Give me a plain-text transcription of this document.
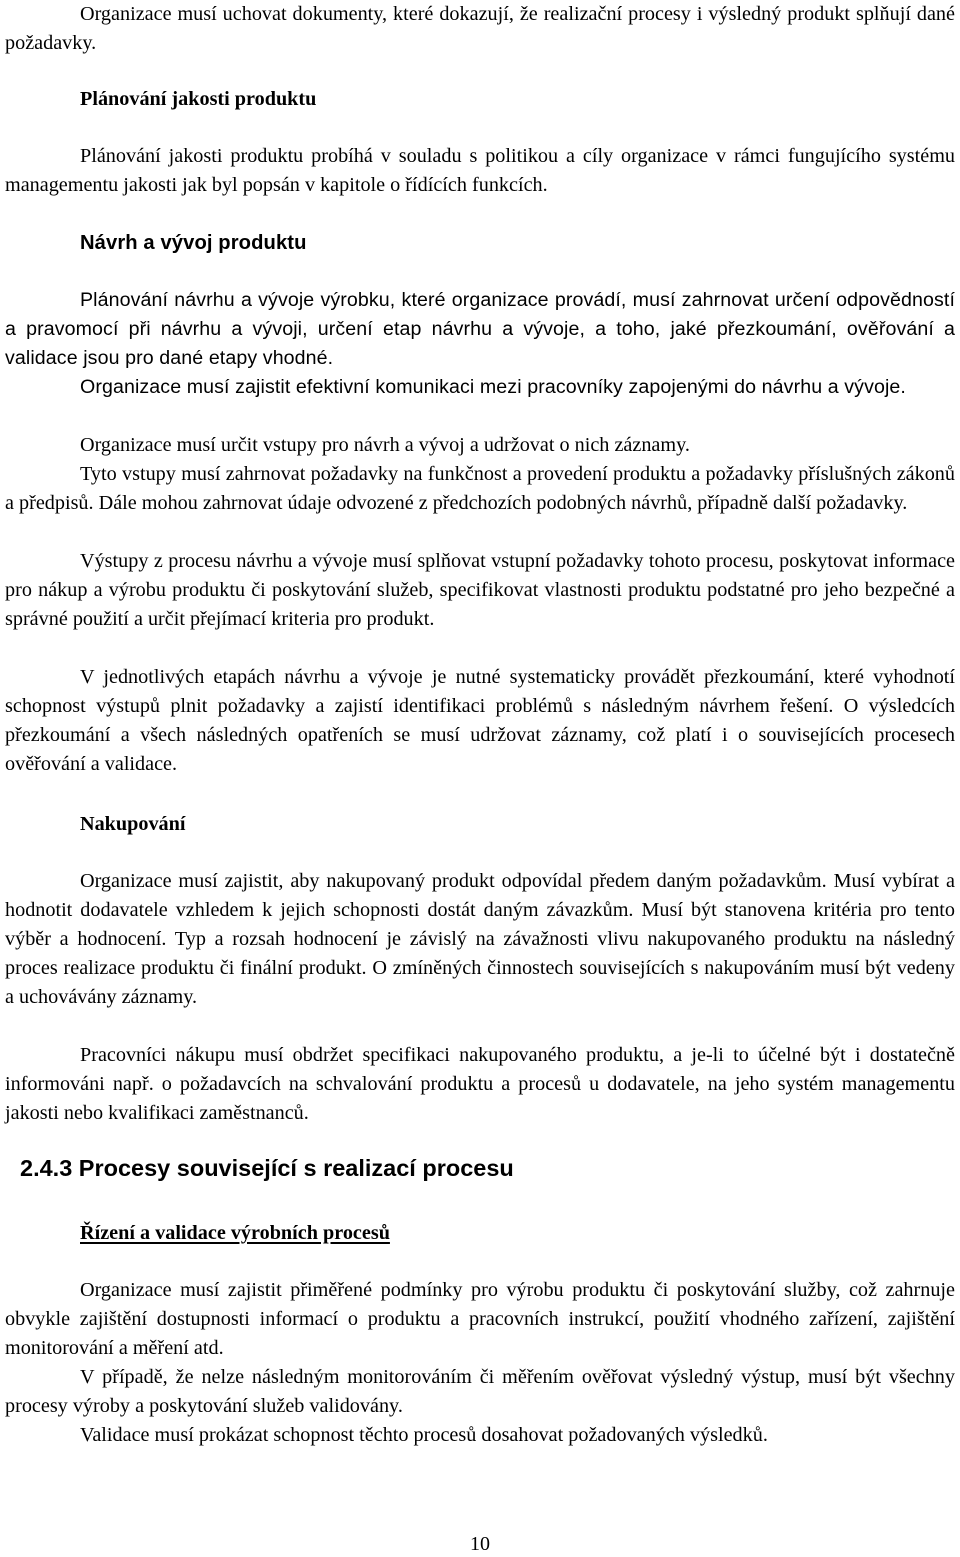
Organizace musí uchovat dokumenty, které dokazují, že realizační procesy i výsledný produkt splňují dané požadavky.

Plánování jakosti produktu

Plánování jakosti produktu probíhá v souladu s politikou a cíly organizace v rámci fungujícího systému managementu jakosti jak byl popsán v kapitole o řídících funkcích.

Návrh a vývoj produktu

Plánování návrhu a vývoje výrobku, které organizace provádí, musí zahrnovat určení odpovědností a pravomocí při návrhu a vývoji, určení etap návrhu a vývoje, a toho, jaké přezkoumání, ověřování a validace jsou pro dané etapy vhodné.

Organizace musí zajistit efektivní komunikaci mezi pracovníky zapojenými do návrhu a vývoje.

Organizace musí určit vstupy pro návrh a vývoj a udržovat o nich záznamy.

Tyto vstupy musí zahrnovat požadavky na funkčnost a provedení produktu a požadavky příslušných zákonů a předpisů. Dále mohou zahrnovat údaje odvozené z předchozích podobných návrhů, případně další požadavky.

Výstupy z procesu návrhu a vývoje musí splňovat vstupní požadavky tohoto procesu, poskytovat informace pro nákup a výrobu produktu či poskytování služeb, specifikovat vlastnosti produktu podstatné pro jeho bezpečné a správné použití a určit přejímací kriteria pro produkt.

V jednotlivých etapách návrhu a vývoje je nutné systematicky provádět přezkoumání, které vyhodnotí schopnost výstupů plnit požadavky a zajistí identifikaci problémů s následným návrhem řešení. O výsledcích přezkoumání a všech následných opatřeních se musí udržovat záznamy, což platí i o souvisejících procesech ověřování a validace.

Nakupování

Organizace musí zajistit, aby nakupovaný produkt odpovídal předem daným požadavkům. Musí vybírat a hodnotit dodavatele vzhledem k jejich schopnosti dostát daným závazkům. Musí být stanovena kritéria pro tento výběr a hodnocení. Typ a rozsah hodnocení je závislý na závažnosti vlivu nakupovaného produktu na následný proces realizace produktu či finální produkt. O zmíněných činnostech souvisejících s nakupováním musí být vedeny a uchovávány záznamy.

Pracovníci nákupu musí obdržet specifikaci nakupovaného produktu, a je-li to účelné být i dostatečně informováni např. o požadavcích na schvalování produktu a procesů u dodavatele, na jeho systém managementu jakosti nebo kvalifikaci zaměstnanců.

2.4.3 Procesy související s realizací procesu

Řízení a validace výrobních procesů

Organizace musí zajistit přiměřené podmínky pro výrobu produktu či poskytování služby, což zahrnuje obvykle zajištění dostupnosti informací o produktu a pracovních instrukcí, použití vhodného zařízení, zajištění monitorování a měření atd.

V případě, že nelze následným monitorováním či měřením ověřovat výsledný výstup, musí být všechny procesy výroby a poskytování služeb validovány.

Validace musí prokázat schopnost těchto procesů dosahovat požadovaných výsledků.

10
